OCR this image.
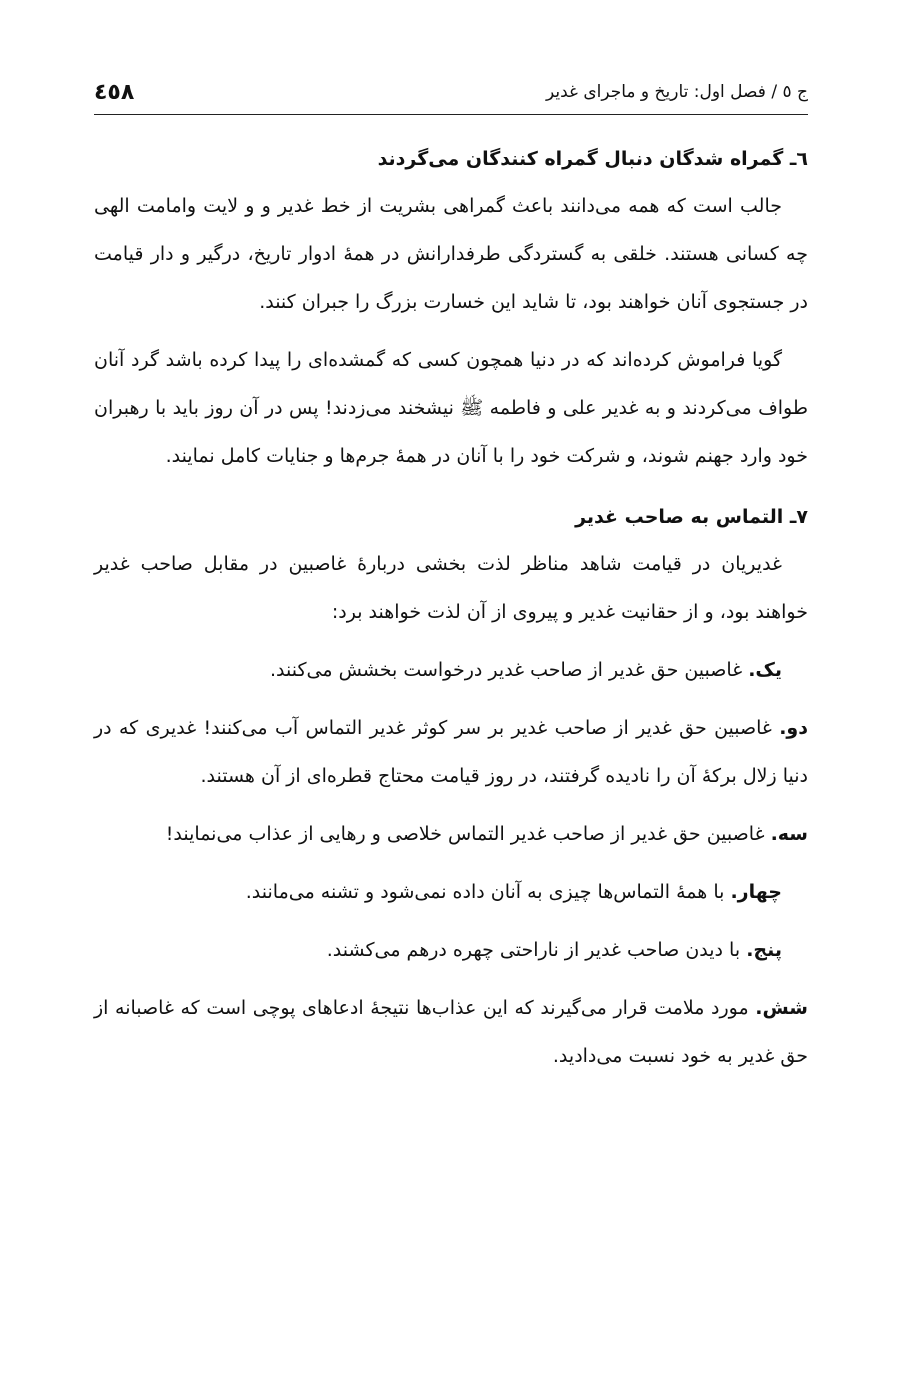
ج ٥ / فصل اول: تاریخ و ماجرای غدیر
٤٥٨
٦ـ گمراه شدگان دنبال گمراه کنندگان می‌گردند

جالب است که همه می‌دانند باعث گمراهی بشریت از خط غدیر و و لایت وامامت الهی چه کسانی هستند. خلقی به گستردگی طرفدارانش در همهٔ ادوار تاریخ، درگیر و دار قیامت در جستجوی آنان خواهند بود، تا شاید این خسارت بزرگ را جبران کنند.

گویا فراموش کرده‌اند که در دنیا همچون کسی که گمشده‌ای را پیدا کرده باشد گرد آنان طواف می‌کردند و به غدیر علی و فاطمه ﷺ نیشخند می‌زدند! پس در آن روز باید با رهبران خود وارد جهنم شوند، و شرکت خود را با آنان در همهٔ جرم‌ها و جنایات کامل نمایند.

٧ـ التماس به صاحب غدیر

غدیریان در قیامت شاهد مناظر لذت بخشی دربارهٔ غاصبین در مقابل صاحب غدیر خواهند بود، و از حقانیت غدیر و پیروی از آن لذت خواهند برد:

یک. غاصبین حق غدیر از صاحب غدیر درخواست بخشش می‌کنند.

دو. غاصبین حق غدیر از صاحب غدیر بر سر کوثر غدیر التماس آب می‌کنند! غدیری که در دنیا زلال برکهٔ آن را نادیده گرفتند، در روز قیامت محتاج قطره‌ای از آن هستند.

سه. غاصبین حق غدیر از صاحب غدیر التماس خلاصی و رهایی از عذاب می‌نمایند!

چهار. با همهٔ التماس‌ها چیزی به آنان داده نمی‌شود و تشنه می‌مانند.

پنج. با دیدن صاحب غدیر از ناراحتی چهره درهم می‌کشند.

شش. مورد ملامت قرار می‌گیرند که این عذاب‌ها نتیجهٔ ادعاهای پوچی است که غاصبانه از حق غدیر به خود نسبت می‌دادید.
